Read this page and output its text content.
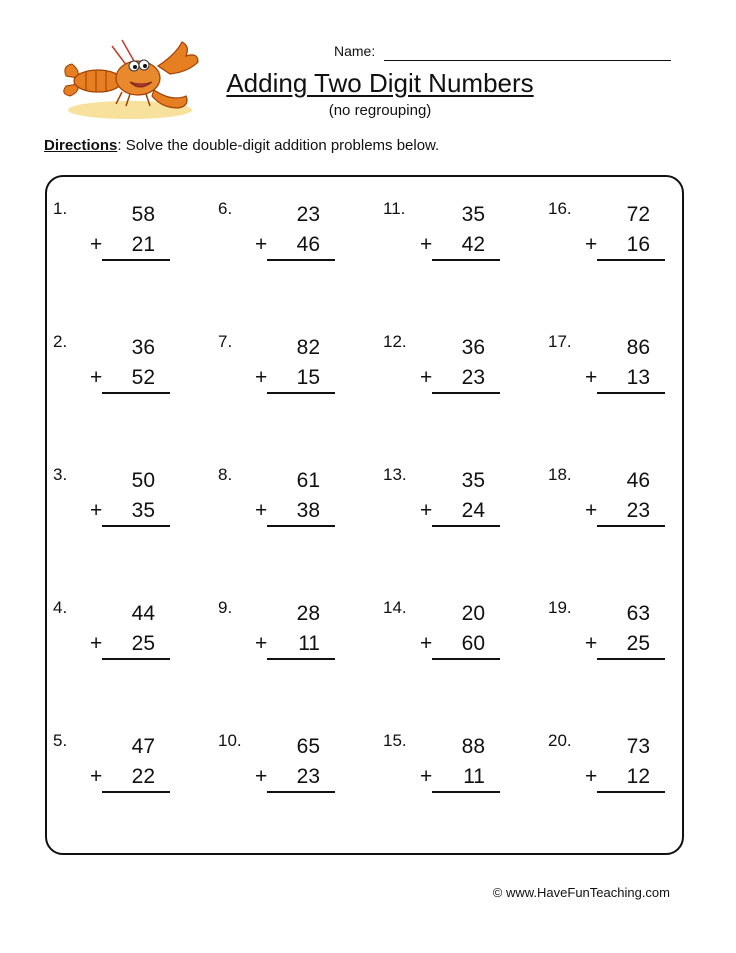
Name:
Adding Two Digit Numbers
(no regrouping)
Directions: Solve the double-digit addition problems below.
1.	58
+	21
2.	36
+	52
3.	50
+	35
4.	44
+	25
5.	47
+	22
6.	23
+	46
7.	82
+	15
8.	61
+	38
9.	28
+	11
10.	65
+	23
11.	35
+	42
12.	36
+	23
13.	35
+	24
14.	20
+	60
15.	88
+	11
16.	72
+	16
17.	86
+	13
18.	46
+	23
19.	63
+	25
20.	73
+	12
© www.HaveFunTeaching.com
